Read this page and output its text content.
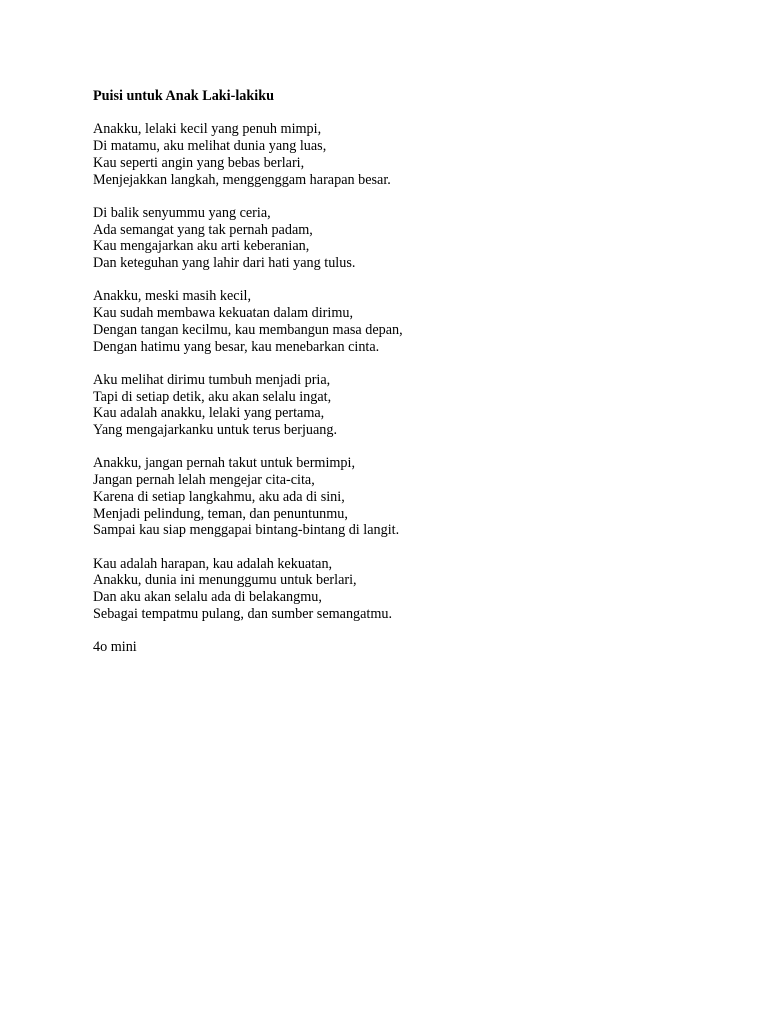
Puisi untuk Anak Laki-lakiku
Anakku, lelaki kecil yang penuh mimpi,
Di matamu, aku melihat dunia yang luas,
Kau seperti angin yang bebas berlari,
Menjejakkan langkah, menggenggam harapan besar.
Di balik senyummu yang ceria,
Ada semangat yang tak pernah padam,
Kau mengajarkan aku arti keberanian,
Dan keteguhan yang lahir dari hati yang tulus.
Anakku, meski masih kecil,
Kau sudah membawa kekuatan dalam dirimu,
Dengan tangan kecilmu, kau membangun masa depan,
Dengan hatimu yang besar, kau menebarkan cinta.
Aku melihat dirimu tumbuh menjadi pria,
Tapi di setiap detik, aku akan selalu ingat,
Kau adalah anakku, lelaki yang pertama,
Yang mengajarkanku untuk terus berjuang.
Anakku, jangan pernah takut untuk bermimpi,
Jangan pernah lelah mengejar cita-cita,
Karena di setiap langkahmu, aku ada di sini,
Menjadi pelindung, teman, dan penuntunmu,
Sampai kau siap menggapai bintang-bintang di langit.
Kau adalah harapan, kau adalah kekuatan,
Anakku, dunia ini menunggumu untuk berlari,
Dan aku akan selalu ada di belakangmu,
Sebagai tempatmu pulang, dan sumber semangatmu.
4o mini
